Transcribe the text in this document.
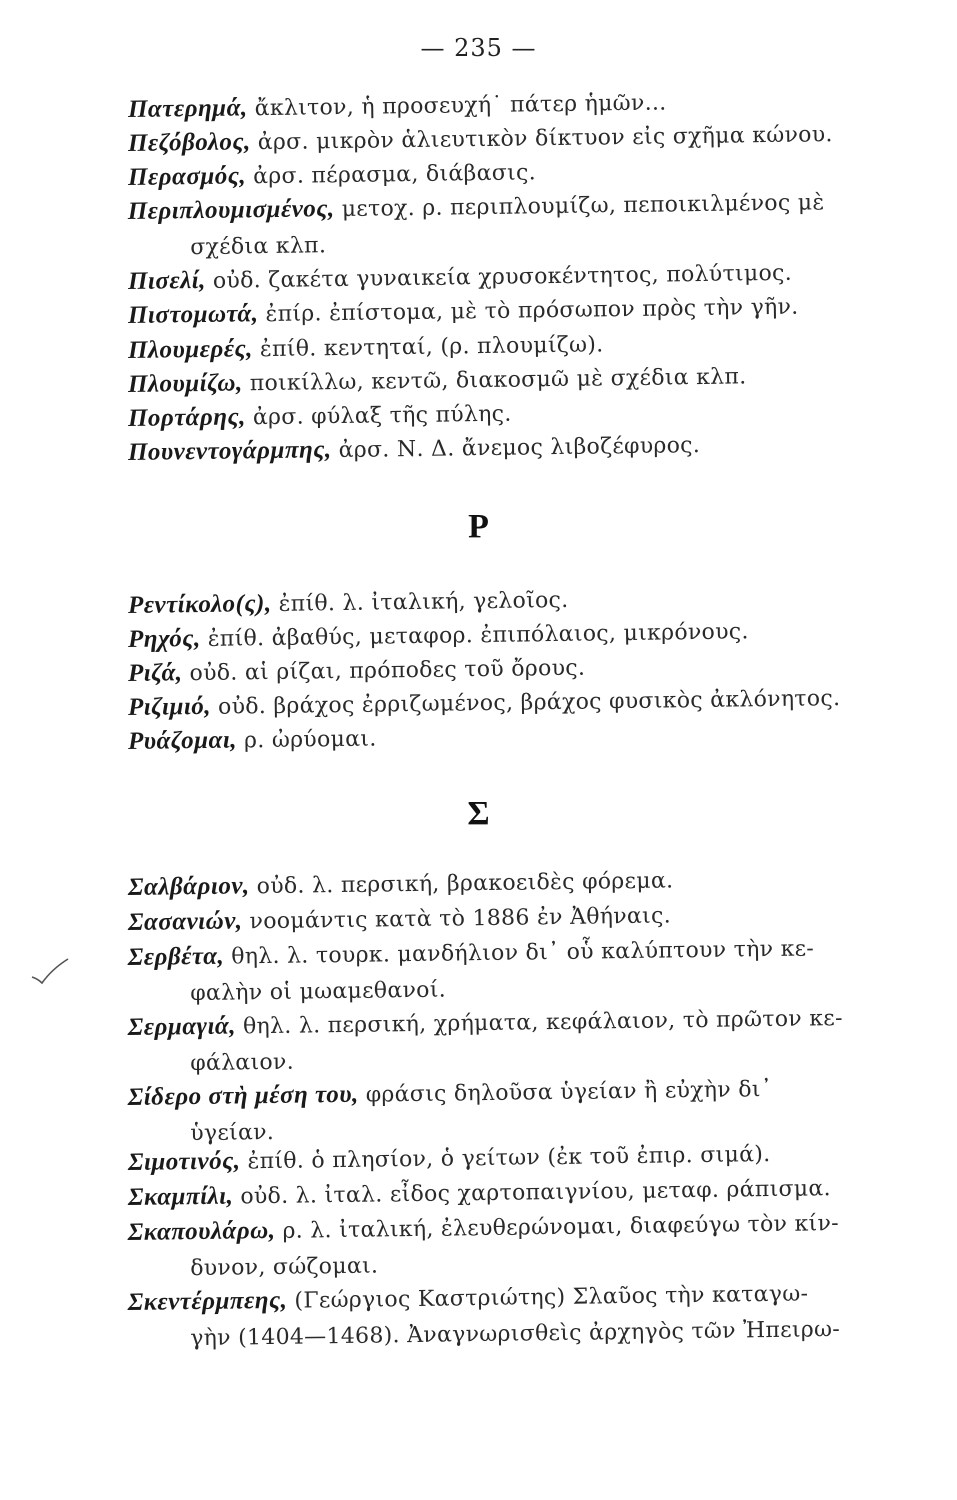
— 235 —
Πατερημά, ἄκλιτον, ἡ προσευχή˙ πάτερ ἡμῶν...
Πεζόβολος, ἀρσ. μικρὸν ἁλιευτικὸν δίκτυον εἰς σχῆμα κώνου.
Περασμός, ἀρσ. πέρασμα, διάβασις.
Περιπλουμισμένος, μετοχ. ρ. περιπλουμίζω, πεποικιλμένος μὲ
σχέδια κλπ.
Πισελί, οὐδ. ζακέτα γυναικεία χρυσοκέντητος, πολύτιμος.
Πιστομωτά, ἐπίρ. ἐπίστομα, μὲ τὸ πρόσωπον πρὸς τὴν γῆν.
Πλουμερές, ἐπίθ. κεντηταί, (ρ. πλουμίζω).
Πλουμίζω, ποικίλλω, κεντῶ, διακοσμῶ μὲ σχέδια κλπ.
Πορτάρης, ἀρσ. φύλαξ τῆς πύλης.
Πουνεντογάρμπης, ἀρσ. Ν. Δ. ἄνεμος λιβοζέφυρος.
Ρεντίκολο(ς), ἐπίθ. λ. ἰταλική, γελοῖος.
Ρηχός, ἐπίθ. ἀβαθύς, μεταφορ. ἐπιπόλαιος, μικρόνους.
Ριζά, οὐδ. αἱ ρίζαι, πρόποδες τοῦ ὄρους.
Ριζιμιό, οὐδ. βράχος ἐρριζωμένος, βράχος φυσικὸς ἀκλόνητος.
Ρυάζομαι, ρ. ὠρύομαι.
Σαλβάριον, οὐδ. λ. περσική, βρακοειδὲς φόρεμα.
Σασανιών, νοομάντις κατὰ τὸ 1886 ἐν Ἀθήναις.
Σερβέτα, θηλ. λ. τουρκ. μανδήλιον δι᾽ οὗ καλύπτουν τὴν κε-
φαλὴν οἱ μωαμεθανοί.
Σερμαγιά, θηλ. λ. περσική, χρήματα, κεφάλαιον, τὸ πρῶτον κε-
φάλαιον.
Σίδερο στὴ μέση του, φράσις δηλοῦσα ὑγείαν ἢ εὐχὴν δι᾽
ὑγείαν.
Σιμοτινός, ἐπίθ. ὁ πλησίον, ὁ γείτων (ἐκ τοῦ ἐπιρ. σιμά).
Σκαμπίλι, οὐδ. λ. ἰταλ. εἶδος χαρτοπαιγνίου, μεταφ. ράπισμα.
Σκαπουλάρω, ρ. λ. ἰταλική, ἐλευθερώνομαι, διαφεύγω τὸν κίν-
δυνον, σώζομαι.
Σκεντέρμπεης, (Γεώργιος Καστριώτης) Σλαῦος τὴν καταγω-
γὴν (1404—1468). Ἀναγνωρισθεὶς ἀρχηγὸς τῶν Ἠπειρω-
Ρ
Σ
